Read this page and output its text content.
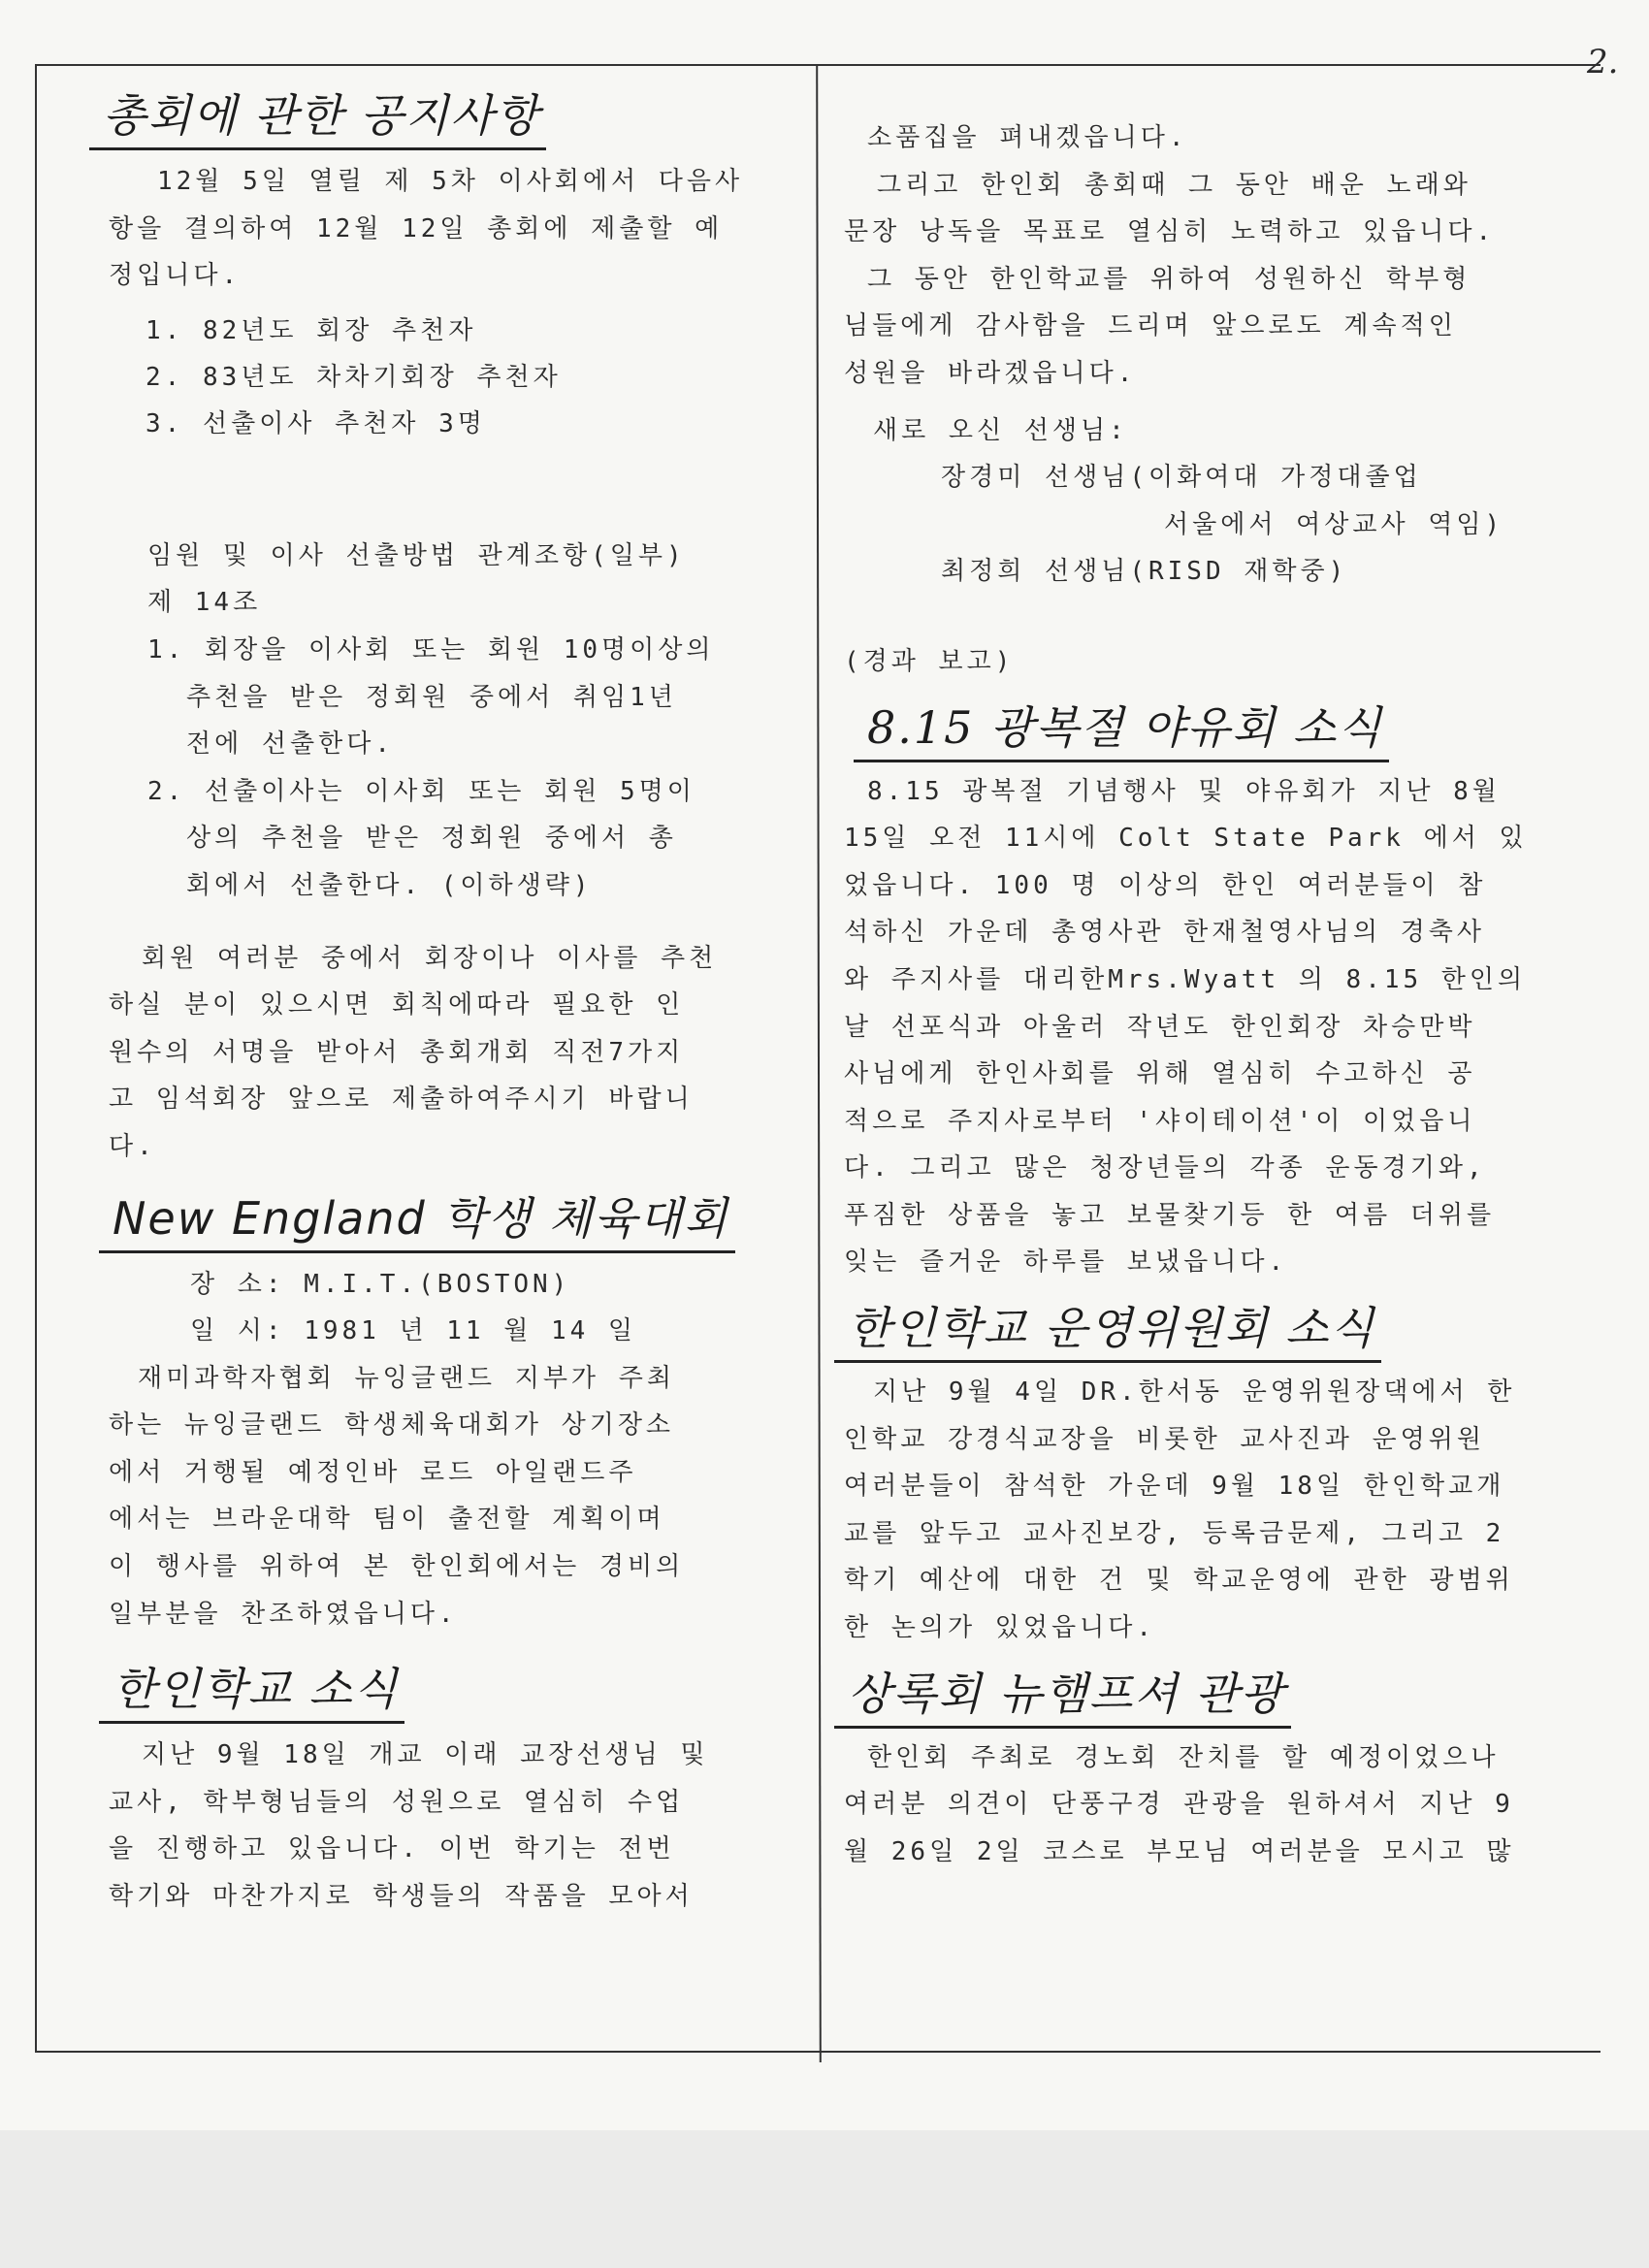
2.
총회에 관한 공지사항

12월 5일 열릴 제 5차 이사회에서 다음사

항을 결의하여 12월 12일 총회에 제출할 예

정입니다.

1. 82년도 회장 추천자
2. 83년도 차차기회장 추천자
3. 선출이사 추천자 3명

임원 및 이사 선출방법 관계조항(일부)

제 14조

1. 회장을 이사회 또는 회원 10명이상의

추천을 받은 정회원 중에서 취임1년

전에 선출한다.

2. 선출이사는 이사회 또는 회원 5명이

상의 추천을 받은 정회원 중에서 총

회에서 선출한다. (이하생략)

회원 여러분 중에서 회장이나 이사를 추천

하실 분이 있으시면 회칙에따라 필요한 인

원수의 서명을 받아서 총회개회 직전7가지

고 임석회장 앞으로 제출하여주시기 바랍니

다.

New England 학생 체육대회

장 소: M.I.T.(BOSTON)

일 시: 1981 년 11 월 14 일

재미과학자협회 뉴잉글랜드 지부가 주최

하는 뉴잉글랜드 학생체육대회가 상기장소

에서 거행될 예정인바 로드 아일랜드주

에서는 브라운대학 팀이 출전할 계획이며

이 행사를 위하여 본 한인회에서는 경비의

일부분을 찬조하였읍니다.

한인학교 소식

지난 9월 18일 개교 이래 교장선생님 및

교사, 학부형님들의 성원으로 열심히 수업

을 진행하고 있읍니다. 이번 학기는 전번

학기와 마찬가지로 학생들의 작품을 모아서

소품집을 펴내겠읍니다.

그리고 한인회 총회때 그 동안 배운 노래와

문장 낭독을 목표로 열심히 노력하고 있읍니다.

그 동안 한인학교를 위하여 성원하신 학부형

님들에게 감사함을 드리며 앞으로도 계속적인

성원을 바라겠읍니다.

새로 오신 선생님:

장경미 선생님(이화여대 가정대졸업

서울에서 여상교사 역임)

최정희 선생님(RISD 재학중)

(경과 보고)

8.15 광복절 야유회 소식

8.15 광복절 기념행사 및 야유회가 지난 8월

15일 오전 11시에 Colt State Park 에서 있

었읍니다. 100 명 이상의 한인 여러분들이 참

석하신 가운데 총영사관 한재철영사님의 경축사

와 주지사를 대리한Mrs.Wyatt 의 8.15 한인의

날 선포식과 아울러 작년도 한인회장 차승만박

사님에게 한인사회를 위해 열심히 수고하신 공

적으로 주지사로부터 '샤이테이션'이 이었읍니

다. 그리고 많은 청장년들의 각종 운동경기와,

푸짐한 상품을 놓고 보물찾기등 한 여름 더위를

잊는 즐거운 하루를 보냈읍니다.

한인학교 운영위원회 소식

지난 9월 4일 DR.한서동 운영위원장댁에서 한

인학교 강경식교장을 비롯한 교사진과 운영위원

여러분들이 참석한 가운데 9월 18일 한인학교개

교를 앞두고 교사진보강, 등록금문제, 그리고 2

학기 예산에 대한 건 및 학교운영에 관한 광범위

한 논의가 있었읍니다.

상록회 뉴햄프셔 관광

한인회 주최로 경노회 잔치를 할 예정이었으나

여러분 의견이 단풍구경 관광을 원하셔서 지난 9

월 26일 2일 코스로 부모님 여러분을 모시고 많
